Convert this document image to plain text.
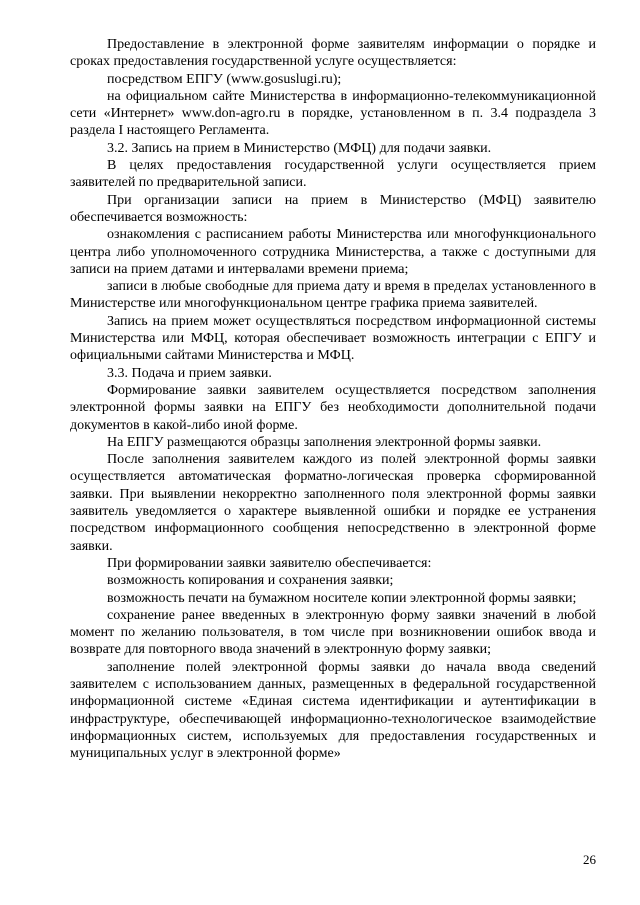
Предоставление в электронной форме заявителям информации о порядке и сроках предоставления государственной услуге осуществляется:

посредством ЕПГУ (www.gosuslugi.ru);

на официальном сайте Министерства в информационно-телекоммуникационной сети «Интернет» www.don-agro.ru в порядке, установленном в п. 3.4 подраздела 3 раздела I настоящего Регламента.

3.2. Запись на прием в Министерство (МФЦ) для подачи заявки.

В целях предоставления государственной услуги осуществляется прием заявителей по предварительной записи.

При организации записи на прием в Министерство (МФЦ) заявителю обеспечивается возможность:

ознакомления с расписанием работы Министерства или многофункционального центра либо уполномоченного сотрудника Министерства, а также с доступными для записи на прием датами и интервалами времени приема;

записи в любые свободные для приема дату и время в пределах установленного в Министерстве или многофункциональном центре графика приема заявителей.

Запись на прием может осуществляться посредством информационной системы Министерства или МФЦ, которая обеспечивает возможность интеграции с ЕПГУ и официальными сайтами Министерства и МФЦ.

3.3. Подача и прием заявки.

Формирование заявки заявителем осуществляется посредством заполнения электронной формы заявки на ЕПГУ без необходимости дополнительной подачи документов в какой-либо иной форме.

На ЕПГУ размещаются образцы заполнения электронной формы заявки.

После заполнения заявителем каждого из полей электронной формы заявки осуществляется автоматическая форматно-логическая проверка сформированной заявки. При выявлении некорректно заполненного поля электронной формы заявки заявитель уведомляется о характере выявленной ошибки и порядке ее устранения посредством информационного сообщения непосредственно в электронной форме заявки.

При формировании заявки заявителю обеспечивается:

возможность копирования и сохранения заявки;

возможность печати на бумажном носителе копии электронной формы заявки;

сохранение ранее введенных в электронную форму заявки значений в любой момент по желанию пользователя, в том числе при возникновении ошибок ввода и возврате для повторного ввода значений в электронную форму заявки;

заполнение полей электронной формы заявки до начала ввода сведений заявителем с использованием данных, размещенных в федеральной государственной информационной системе «Единая система идентификации и аутентификации в инфраструктуре, обеспечивающей информационно-технологическое взаимодействие информационных систем, используемых для предоставления государственных и муниципальных услуг в электронной форме»

26
